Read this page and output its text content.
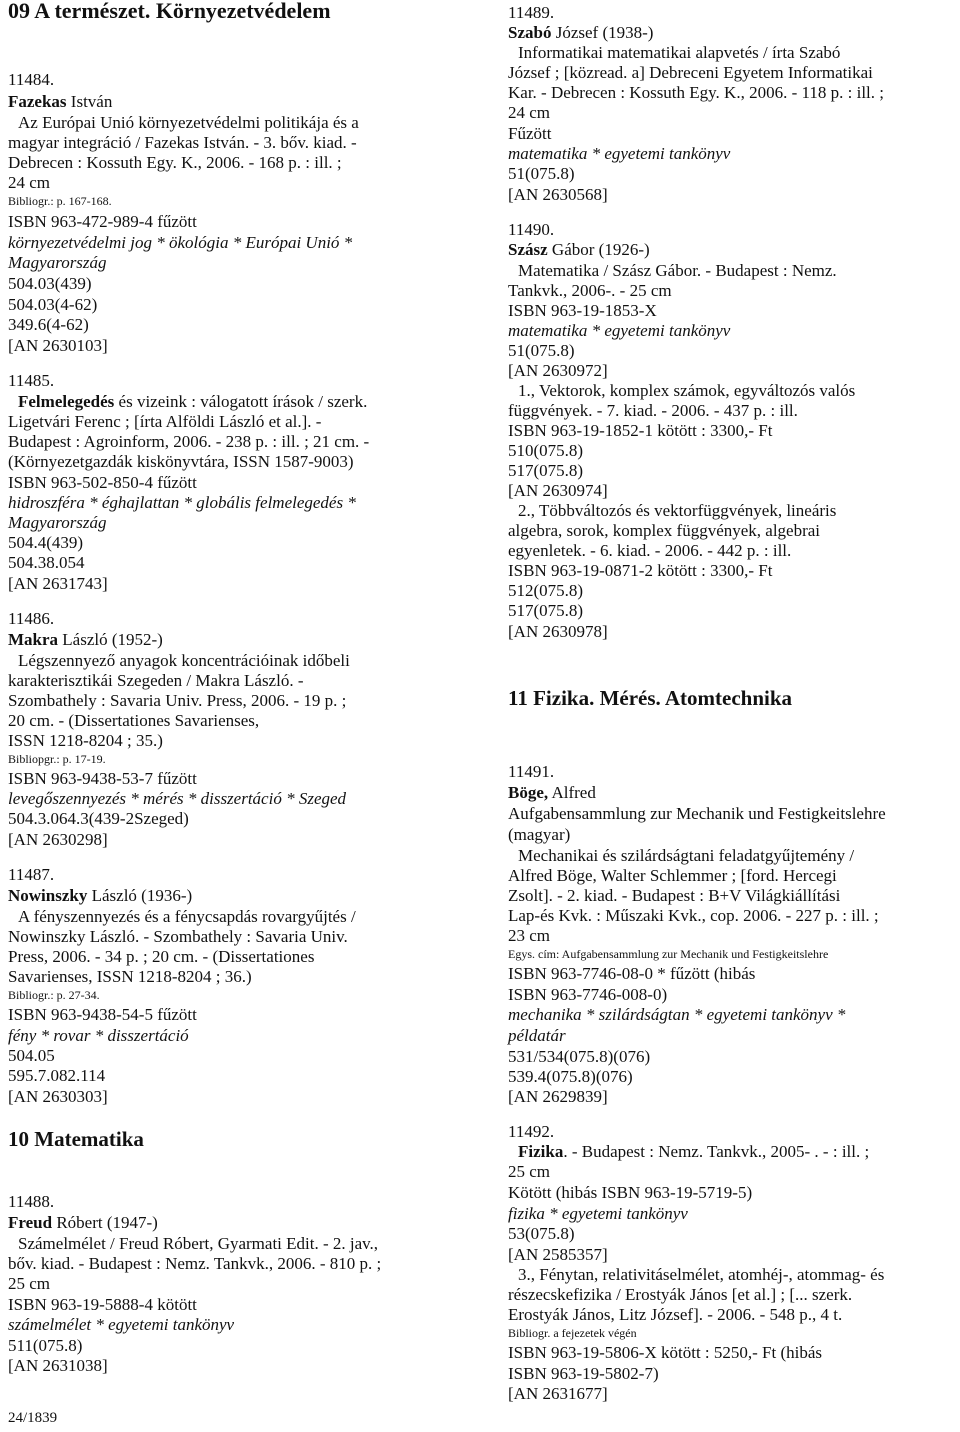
09 A természet. Környezetvédelem
11484.
Fazekas István
Az Európai Unió környezetvédelmi politikája és a
magyar integráció / Fazekas István. - 3. bőv. kiad. -
Debrecen : Kossuth Egy. K., 2006. - 168 p. : ill. ;
24 cm
Bibliogr.: p. 167-168.
ISBN 963-472-989-4 fűzött
környezetvédelmi jog * ökológia * Európai Unió *
Magyarország
504.03(439)
504.03(4-62)
349.6(4-62)
[AN 2630103]
11485.
Felmelegedés és vizeink : válogatott írások / szerk.
Ligetvári Ferenc ; [írta Alföldi László et al.]. -
Budapest : Agroinform, 2006. - 238 p. : ill. ; 21 cm. -
(Környezetgazdák kiskönyvtára, ISSN 1587-9003)
ISBN 963-502-850-4 fűzött
hidroszféra * éghajlattan * globális felmelegedés *
Magyarország
504.4(439)
504.38.054
[AN 2631743]
11486.
Makra László (1952-)
Légszennyező anyagok koncentrációinak időbeli
karakterisztikái Szegeden / Makra László. -
Szombathely : Savaria Univ. Press, 2006. - 19 p. ;
20 cm. - (Dissertationes Savarienses,
ISSN 1218-8204 ; 35.)
Bibliopgr.: p. 17-19.
ISBN 963-9438-53-7 fűzött
levegőszennyezés * mérés * disszertáció * Szeged
504.3.064.3(439-2Szeged)
[AN 2630298]
11487.
Nowinszky László (1936-)
A fényszennyezés és a fénycsapdás rovargyűjtés /
Nowinszky László. - Szombathely : Savaria Univ.
Press, 2006. - 34 p. ; 20 cm. - (Dissertationes
Savarienses, ISSN 1218-8204 ; 36.)
Bibliogr.: p. 27-34.
ISBN 963-9438-54-5 fűzött
fény * rovar * disszertáció
504.05
595.7.082.114
[AN 2630303]
10 Matematika
11488.
Freud Róbert (1947-)
Számelmélet / Freud Róbert, Gyarmati Edit. - 2. jav.,
bőv. kiad. - Budapest : Nemz. Tankvk., 2006. - 810 p. ;
25 cm
ISBN 963-19-5888-4 kötött
számelmélet * egyetemi tankönyv
511(075.8)
[AN 2631038]
11489.
Szabó József (1938-)
Informatikai matematikai alapvetés / írta Szabó
József ; [közread. a] Debreceni Egyetem Informatikai
Kar. - Debrecen : Kossuth Egy. K., 2006. - 118 p. : ill. ;
24 cm
Fűzött
matematika * egyetemi tankönyv
51(075.8)
[AN 2630568]
11490.
Szász Gábor (1926-)
Matematika / Szász Gábor. - Budapest : Nemz.
Tankvk., 2006-. - 25 cm
ISBN 963-19-1853-X
matematika * egyetemi tankönyv
51(075.8)
[AN 2630972]
1., Vektorok, komplex számok, egyváltozós valós
függvények. - 7. kiad. - 2006. - 437 p. : ill.
ISBN 963-19-1852-1 kötött : 3300,- Ft
510(075.8)
517(075.8)
[AN 2630974]
2., Többváltozós és vektorfüggvények, lineáris
algebra, sorok, komplex függvények, algebrai
egyenletek. - 6. kiad. - 2006. - 442 p. : ill.
ISBN 963-19-0871-2 kötött : 3300,- Ft
512(075.8)
517(075.8)
[AN 2630978]
11 Fizika. Mérés. Atomtechnika
11491.
Böge, Alfred
Aufgabensammlung zur Mechanik und Festigkeitslehre
(magyar)
Mechanikai és szilárdságtani feladatgyűjtemény /
Alfred Böge, Walter Schlemmer ; [ford. Hercegi
Zsolt]. - 2. kiad. - Budapest : B+V Világkiállítási
Lap-és Kvk. : Műszaki Kvk., cop. 2006. - 227 p. : ill. ;
23 cm
Egys. cím: Aufgabensammlung zur Mechanik und Festigkeitslehre
ISBN 963-7746-08-0 * fűzött (hibás
ISBN 963-7746-008-0)
mechanika * szilárdságtan * egyetemi tankönyv *
példatár
531/534(075.8)(076)
539.4(075.8)(076)
[AN 2629839]
11492.
Fizika. - Budapest : Nemz. Tankvk., 2005- . - : ill. ;
25 cm
Kötött (hibás ISBN 963-19-5719-5)
fizika * egyetemi tankönyv
53(075.8)
[AN 2585357]
3., Fénytan, relativitáselmélet, atomhéj-, atommag- és
részecskefizika / Erostyák János [et al.] ; [... szerk.
Erostyák János, Litz József]. - 2006. - 548 p., 4 t.
Bibliogr. a fejezetek végén
ISBN 963-19-5806-X kötött : 5250,- Ft (hibás
ISBN 963-19-5802-7)
[AN 2631677]
24/1839
